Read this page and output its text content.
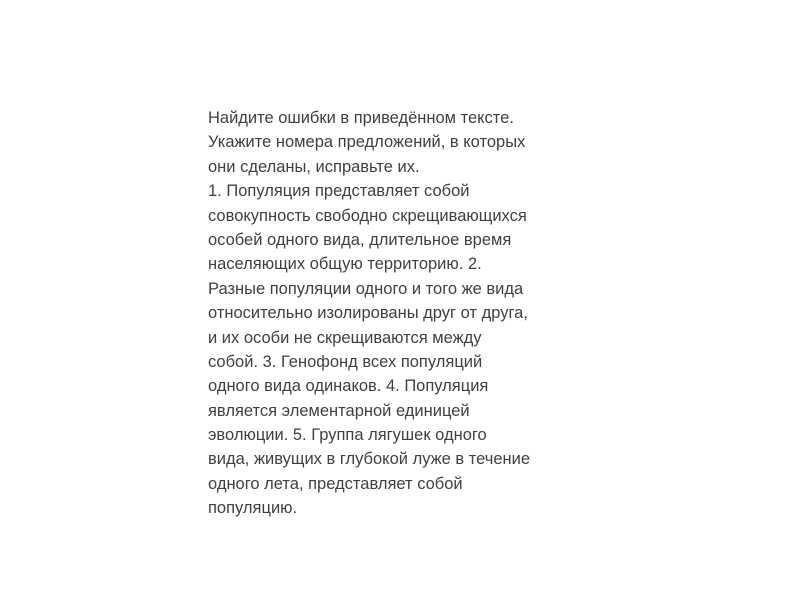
Найдите ошибки в приведённом тексте.
Укажите номера предложений, в которых
они сделаны, исправьте их.
1. Популяция представляет собой
совокупность свободно скрещивающихся
особей одного вида, длительное время
населяющих общую территорию. 2.
Разные популяции одного и того же вида
относительно изолированы друг от друга,
и их особи не скрещиваются между
собой. 3. Генофонд всех популяций
одного вида одинаков. 4. Популяция
является элементарной единицей
эволюции. 5. Группа лягушек одного
вида, живущих в глубокой луже в течение
одного лета, представляет собой
популяцию.
